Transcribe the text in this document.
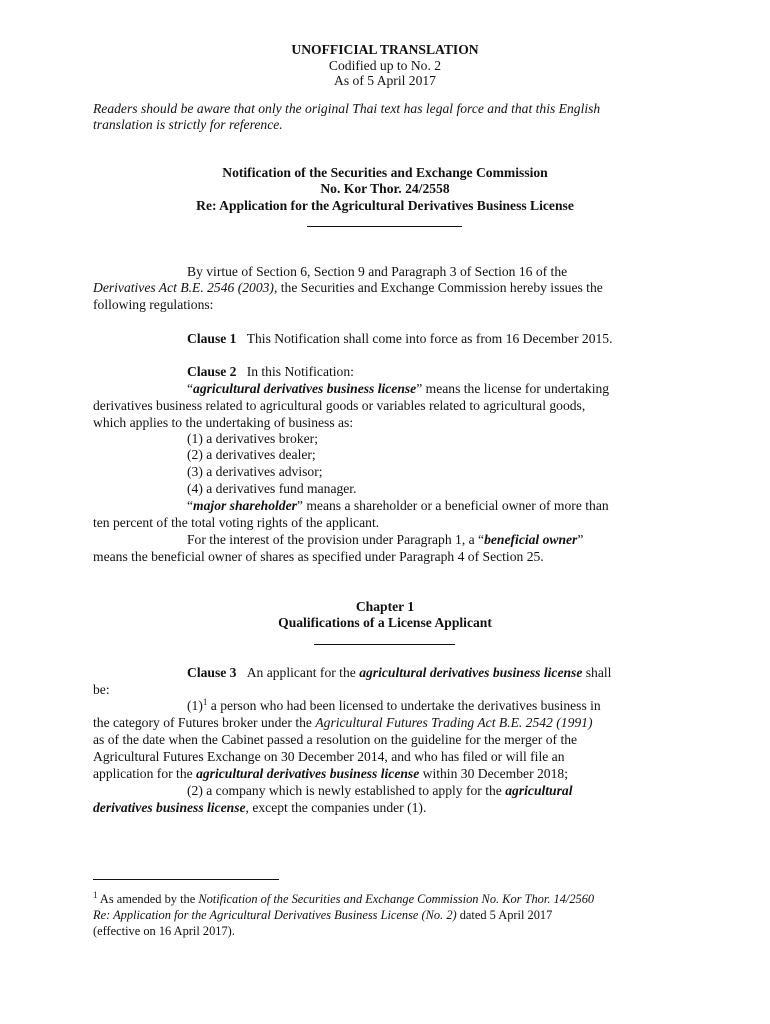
UNOFFICIAL TRANSLATION
Codified up to No. 2
As of 5 April 2017
Readers should be aware that only the original Thai text has legal force and that this English
translation is strictly for reference.
Notification of the Securities and Exchange Commission
No. Kor Thor. 24/2558
Re: Application for the Agricultural Derivatives Business License
By virtue of Section 6, Section 9 and Paragraph 3 of Section 16 of the
Derivatives Act B.E. 2546 (2003), the Securities and Exchange Commission hereby issues the
following regulations:
Clause 1 This Notification shall come into force as from 16 December 2015.
Clause 2 In this Notification:
“agricultural derivatives business license” means the license for undertaking
derivatives business related to agricultural goods or variables related to agricultural goods,
which applies to the undertaking of business as:
(1) a derivatives broker;
(2) a derivatives dealer;
(3) a derivatives advisor;
(4) a derivatives fund manager.
“major shareholder” means a shareholder or a beneficial owner of more than
ten percent of the total voting rights of the applicant.
For the interest of the provision under Paragraph 1, a “beneficial owner”
means the beneficial owner of shares as specified under Paragraph 4 of Section 25.
Chapter 1
Qualifications of a License Applicant
Clause 3 An applicant for the agricultural derivatives business license shall
be:
$(1)^1$ a person who had been licensed to undertake the derivatives business in
the category of Futures broker under the Agricultural Futures Trading Act B.E. 2542 (1991)
as of the date when the Cabinet passed a resolution on the guideline for the merger of the
Agricultural Futures Exchange on 30 December 2014, and who has filed or will file an
application for the agricultural derivatives business license within 30 December 2018;
(2) a company which is newly established to apply for the agricultural
derivatives business license, except the companies under (1).
$^1$ As amended by the Notification of the Securities and Exchange Commission No. Kor Thor. 14/2560
Re: Application for the Agricultural Derivatives Business License (No. 2) dated 5 April 2017
(effective on 16 April 2017).
